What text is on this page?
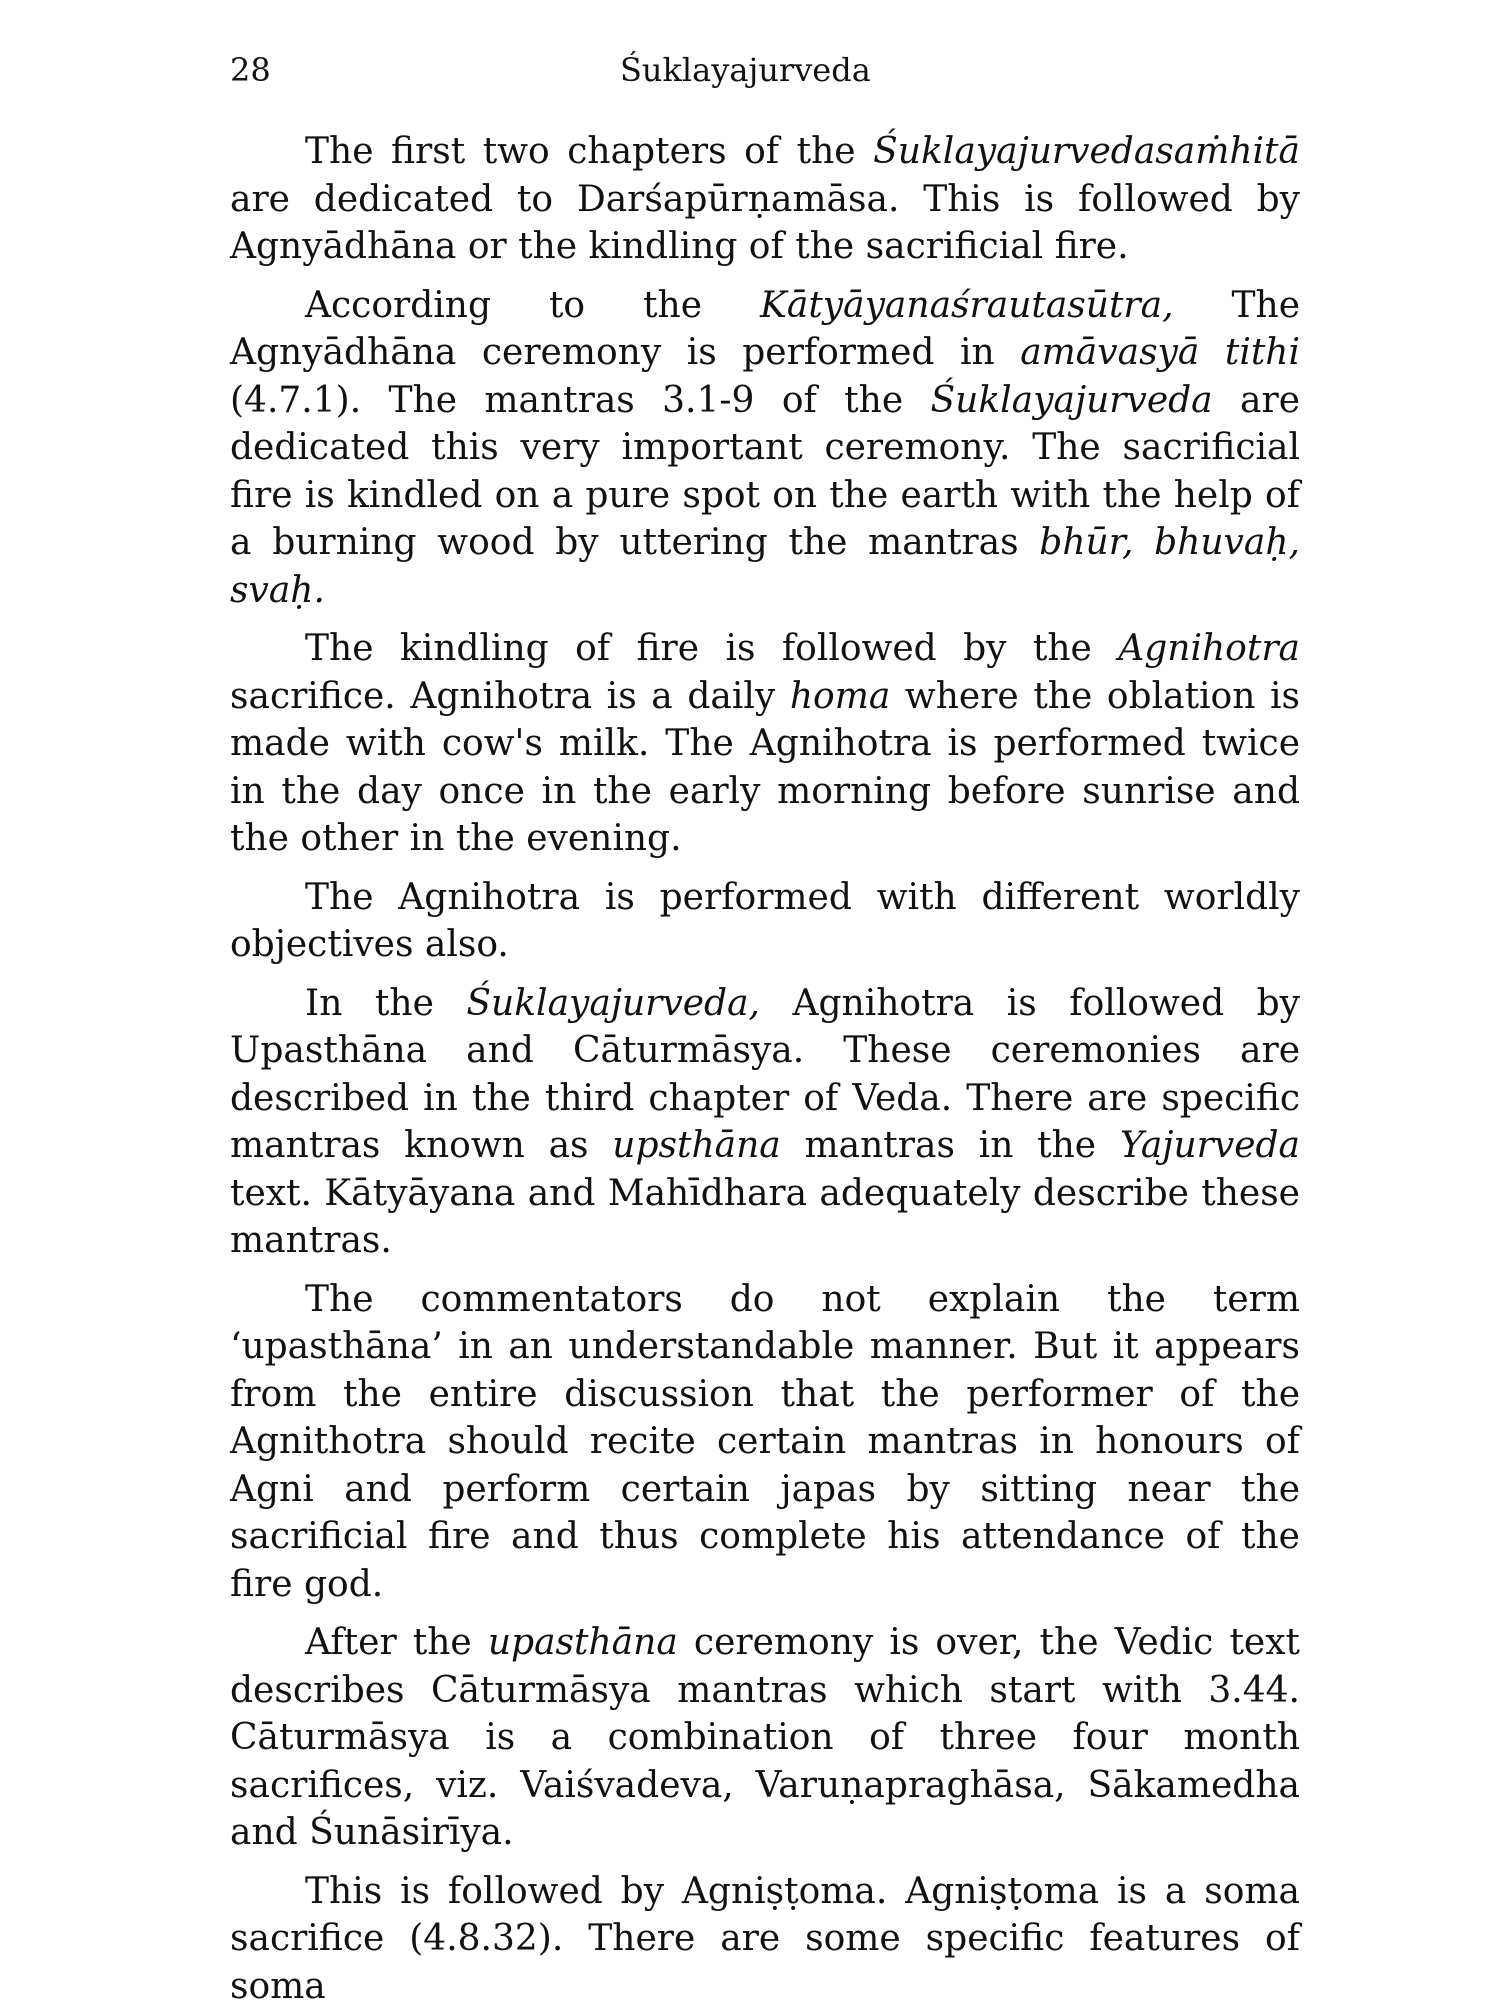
28	Śuklayajurveda

The first two chapters of the Śuklayajurvedasaṁhitā are dedicated to Darśapūrṇamāsa. This is followed by Agnyādhāna or the kindling of the sacrificial fire.

According to the Kātyāyanaśrautasūtra, The Agnyādhāna ceremony is performed in amāvasyā tithi (4.7.1). The mantras 3.1-9 of the Śuklayajurveda are dedicated this very important ceremony. The sacrificial fire is kindled on a pure spot on the earth with the help of a burning wood by uttering the mantras bhūr, bhuvaḥ, svaḥ.

The kindling of fire is followed by the Agnihotra sacrifice. Agnihotra is a daily homa where the oblation is made with cow's milk. The Agnihotra is performed twice in the day once in the early morning before sunrise and the other in the evening.

The Agnihotra is performed with different worldly objectives also.

In the Śuklayajurveda, Agnihotra is followed by Upasthāna and Cāturmāsya. These ceremonies are described in the third chapter of Veda. There are specific mantras known as upsthāna mantras in the Yajurveda text. Kātyāyana and Mahīdhara adequately describe these mantras.

The commentators do not explain the term ‘upasthāna’ in an understandable manner. But it appears from the entire discussion that the performer of the Agnithotra should recite certain mantras in honours of Agni and perform certain japas by sitting near the sacrificial fire and thus complete his attendance of the fire god.

After the upasthāna ceremony is over, the Vedic text describes Cāturmāsya mantras which start with 3.44. Cāturmāsya is a combination of three four month sacrifices, viz. Vaiśvadeva, Varuṇapraghāsa, Sākamedha and Śunāsirīya.

This is followed by Agniṣṭoma. Agniṣṭoma is a soma sacrifice (4.8.32). There are some specific features of soma
